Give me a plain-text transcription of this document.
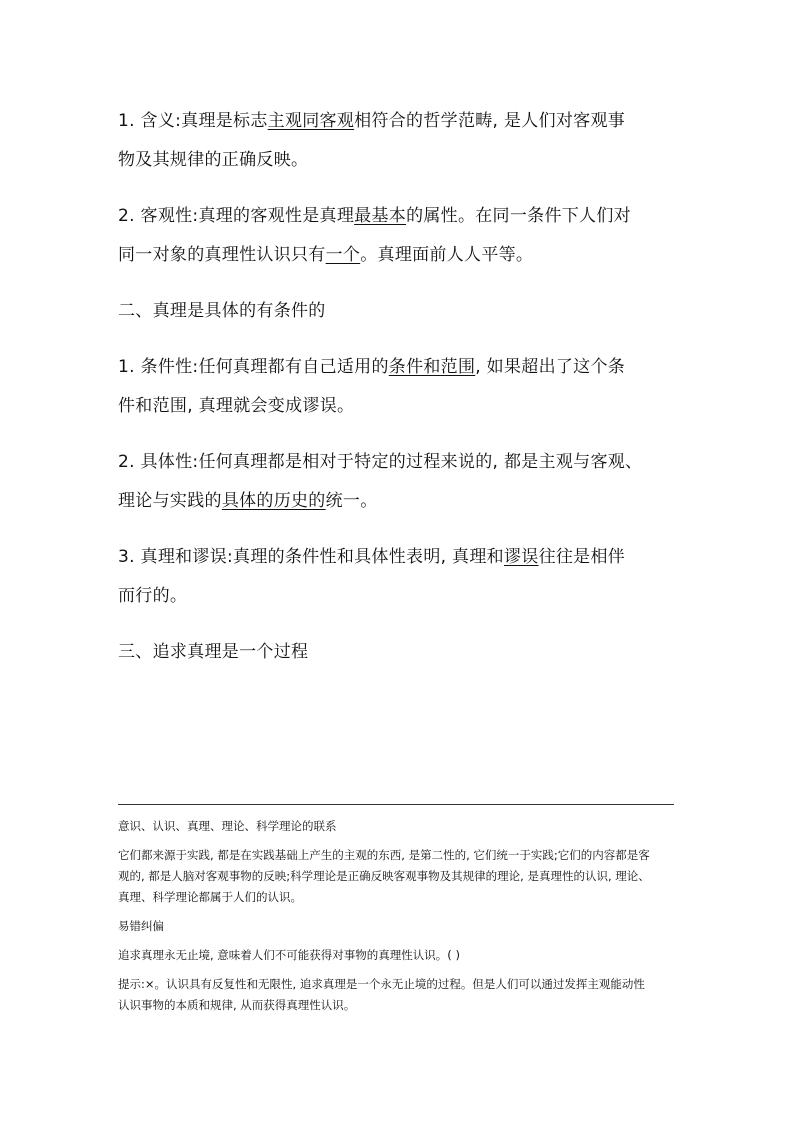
1. 含义:真理是标志主观同客观相符合的哲学范畴, 是人们对客观事
物及其规律的正确反映。

2. 客观性:真理的客观性是真理最基本的属性。在同一条件下人们对
同一对象的真理性认识只有一个。真理面前人人平等。

二、真理是具体的有条件的

1. 条件性:任何真理都有自己适用的条件和范围, 如果超出了这个条
件和范围, 真理就会变成谬误。

2. 具体性:任何真理都是相对于特定的过程来说的, 都是主观与客观、
理论与实践的具体的历史的统一。

3. 真理和谬误:真理的条件性和具体性表明, 真理和谬误往往是相伴
而行的。

三、追求真理是一个过程

意识、认识、真理、理论、科学理论的联系

它们都来源于实践, 都是在实践基础上产生的主观的东西, 是第二性的, 它们统一于实践;它们的内容都是客
观的, 都是人脑对客观事物的反映;科学理论是正确反映客观事物及其规律的理论, 是真理性的认识, 理论、
真理、科学理论都属于人们的认识。

易错纠偏

追求真理永无止境, 意味着人们不可能获得对事物的真理性认识。( )

提示:×。认识具有反复性和无限性, 追求真理是一个永无止境的过程。但是人们可以通过发挥主观能动性
认识事物的本质和规律, 从而获得真理性认识。
